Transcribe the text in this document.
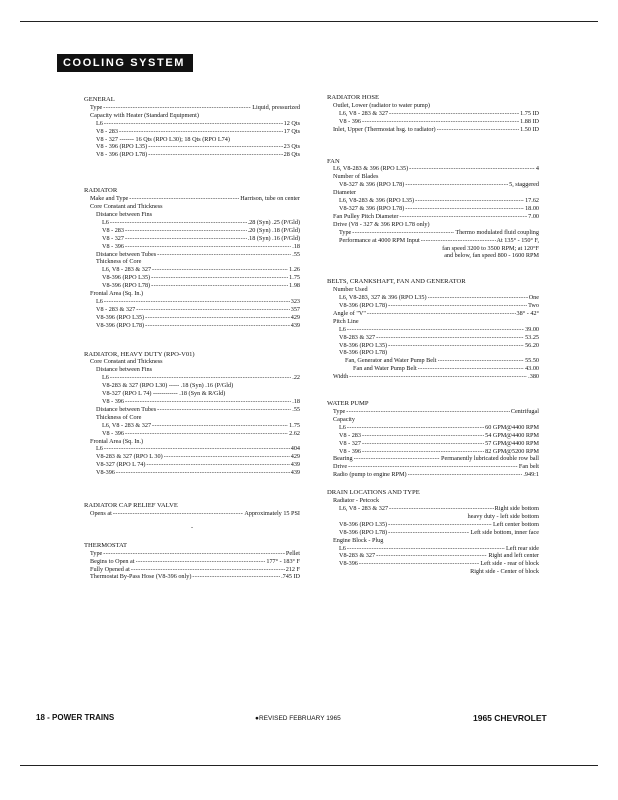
COOLING SYSTEM
GENERAL
Type -----	Liquid, pressurized
Capacity with Heater (Standard Equipment)
L6 -----	12 Qts
V8 - 283 -----	17 Qts
V8 - 327 ------- 16 Qts (RPO L30); 18 Qts (RPO L74)
V8 - 396 (RPO L35) -----	23 Qts
V8 - 396 (RPO L78) -----	28 Qts
RADIATOR
Make and Type -----	Harrison, tube on center
Core Constant and Thickness
Distance between Fins
L6 -----	.28 (Syn) .25 (P/Gld)
V8 - 283 -----	.20 (Syn) .18 (P/Gld)
V8 - 327 -----	.18 (Syn) .16 (P/Gld)
V8 - 396 -----	.18
Distance between Tubes -----	.55
Thickness of Core
L6, V8 - 283 & 327 -----	1.26
V8-396 (RPO L35) -----	1.75
V8-396 (RPO L78) -----	1.98
Frontal Area (Sq. In.)
L6 -----	323
V8 - 283 & 327 -----	357
V8-396 (RPO L35) -----	429
V8-396 (RPO L78) -----	439
RADIATOR, HEAVY DUTY (RPO-V01)
Core Constant and Thickness
Distance between Fins
L6 -----	.22
V8-283 & 327 (RPO L30) ----- .18 (Syn) .16 (P/Gld)
V8-327 (RPO L 74) ------------ .18 (Syn & R/Gld)
V8 - 396 -----	.18
Distance between Tubes -----	.55
Thickness of Core
L6, V8 - 283 & 327 -----	1.75
V8 - 396 -----	2.62
Frontal Area (Sq. In.)
L6 -----	404
V8-283 & 327 (RPO L 30) -----	429
V8-327 (RPO L 74) -----	439
V8-396 -----	439
RADIATOR CAP RELIEF VALVE
Opens at -----	Approximately 15 PSI
-
THERMOSTAT
Type -----	Pellet
Begins to Open at -----	177° - 183° F
Fully Opened at -----	212 F
Thermostat By-Pass Hose (V8-396 only) -----	.745 ID
RADIATOR HOSE
Outlet, Lower (radiator to water pump)
L6, V8 - 283 & 327 -----	1.75 ID
V8 - 396 -----	1.88 ID
Inlet, Upper (Thermostat hsg. to radiator) -----	1.50 ID
FAN
L6, V8-283 & 396 (RPO L35) -----	4
Number of Blades
V8-327 & 396 (RPO L78) -----	5, staggered
Diameter
L6, V8-283 & 396 (RPO L35) -----	17.62
V8-327 & 396 (RPO L78) -----	18.00
Fan Pulley Pitch Diameter -----	7.00
Drive (V8 - 327 & 396 RPO L78 only)
Type -----	Thermo modulated fluid coupling
Performance at 4000 RPM Input -----	At 135° - 150° F,
fan speed 3200 to 3500 RPM; at 120°F
and below, fan speed 800 - 1600 RPM
BELTS, CRANKSHAFT, FAN AND GENERATOR
Number Used
L6, V8-283, 327 & 396 (RPO L35) -----	One
V8-396 (RPO L78) -----	Two
Angle of "V" -----	38° - 42°
Pitch Line
L6 -----	39.00
V8-283 & 327 -----	53.25
V8-396 (RPO L35) -----	56.20
V8-396 (RPO L78)
Fan, Generator and Water Pump Belt -----	55.50
Fan and Water Pump Belt -----	43.00
Width -----	.380
WATER PUMP
Type -----	Centrifugal
Capacity
L6 -----	60 GPM@4400 RPM
V8 - 283 -----	54 GPM@4400 RPM
V8 - 327 -----	57 GPM@4400 RPM
V8 - 396 -----	82 GPM@5200 RPM
Bearing -----	Permanently lubricated double row ball
Drive -----	Fan belt
Radio (pump to engine RPM) -----	.949:1
DRAIN LOCATIONS AND TYPE
Radiator - Petcock
L6, V8 - 283 & 327 -----	Right side bottom
heavy duty - left side bottom
V8-396 (RPO L35) -----	Left center bottom
V8-396 (RPO L78) -----	Left side bottom, inner face
Engine Block - Plug
L6 -----	Left rear side
V8-283 & 327 -----	Right and left center
V8-396 -----	Left side - rear of block
Right side - Center of block
18 - POWER TRAINS	●REVISED FEBRUARY 1965	1965 CHEVROLET
